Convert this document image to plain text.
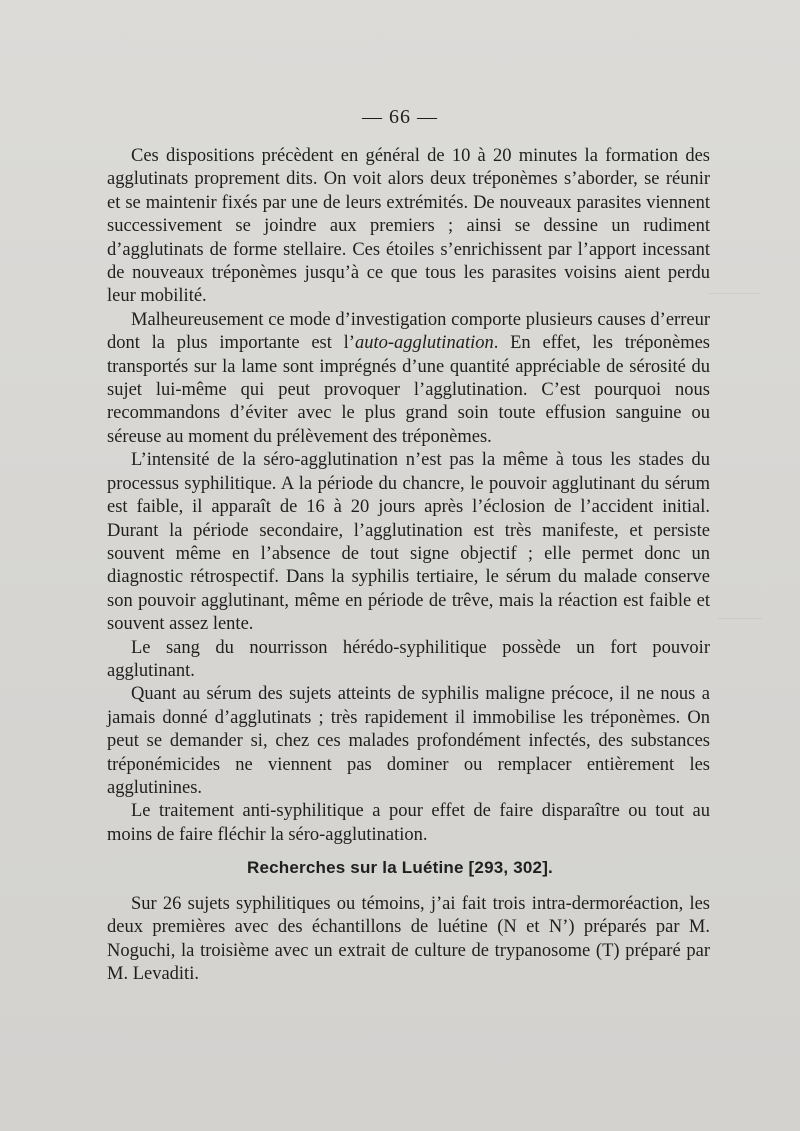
— 66 —

Ces dispositions précèdent en général de 10 à 20 minutes la formation des agglutinats proprement dits. On voit alors deux tréponèmes s’aborder, se réunir et se maintenir fixés par une de leurs extrémités. De nouveaux parasites viennent successivement se joindre aux premiers ; ainsi se dessine un rudiment d’agglutinats de forme stellaire. Ces étoiles s’enrichissent par l’apport incessant de nouveaux tréponèmes jusqu’à ce que tous les parasites voisins aient perdu leur mobilité.

Malheureusement ce mode d’investigation comporte plusieurs causes d’erreur dont la plus importante est l’auto-agglutination. En effet, les tréponèmes transportés sur la lame sont imprégnés d’une quantité appréciable de sérosité du sujet lui-même qui peut provoquer l’agglutination. C’est pourquoi nous recommandons d’éviter avec le plus grand soin toute effusion sanguine ou séreuse au moment du prélèvement des tréponèmes.

L’intensité de la séro-agglutination n’est pas la même à tous les stades du processus syphilitique. A la période du chancre, le pouvoir agglutinant du sérum est faible, il apparaît de 16 à 20 jours après l’éclosion de l’accident initial. Durant la période secondaire, l’agglutination est très manifeste, et persiste souvent même en l’absence de tout signe objectif ; elle permet donc un diagnostic rétrospectif. Dans la syphilis tertiaire, le sérum du malade conserve son pouvoir agglutinant, même en période de trêve, mais la réaction est faible et souvent assez lente.

Le sang du nourrisson hérédo-syphilitique possède un fort pouvoir agglutinant.

Quant au sérum des sujets atteints de syphilis maligne précoce, il ne nous a jamais donné d’agglutinats ; très rapidement il immobilise les tréponèmes. On peut se demander si, chez ces malades profondément infectés, des substances tréponémicides ne viennent pas dominer ou remplacer entièrement les agglutinines.

Le traitement anti-syphilitique a pour effet de faire disparaître ou tout au moins de faire fléchir la séro-agglutination.

Recherches sur la Luétine [293, 302].

Sur 26 sujets syphilitiques ou témoins, j’ai fait trois intra-dermoréaction, les deux premières avec des échantillons de luétine (N et N’) préparés par M. Noguchi, la troisième avec un extrait de culture de trypanosome (T) préparé par M. Levaditi.
